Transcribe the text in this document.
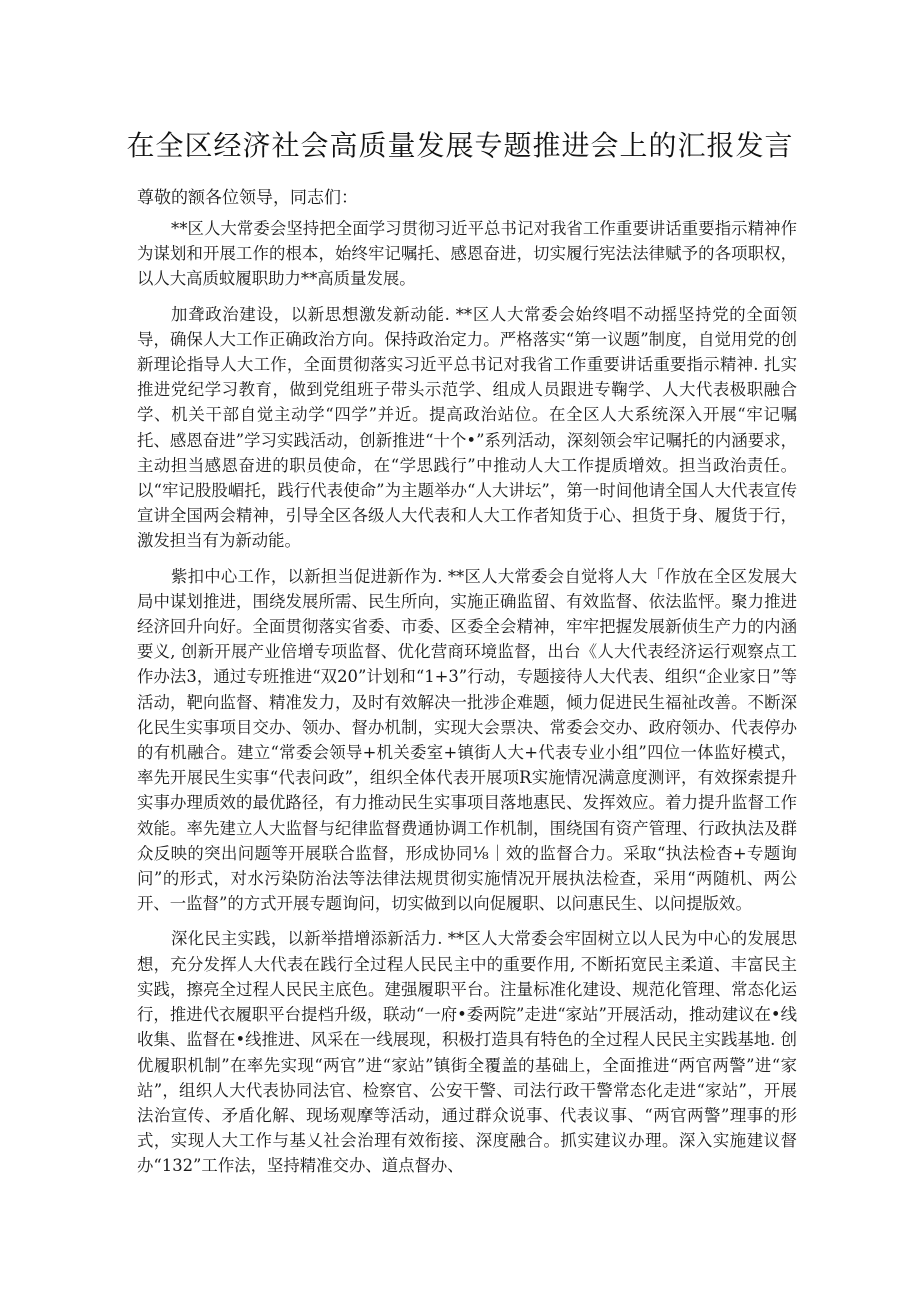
在全区经济社会高质量发展专题推进会上的汇报发言

尊敬的额各位领导，同志们：

**区人大常委会坚持把全面学习贯彻习近平总书记对我省工作重要讲话重要指示精神作为谋划和开展工作的根本，始终牢记嘱托、感恩奋进，切实履行宪法法律赋予的各项职权，以人大高质蚊履职助力**高质量发展。

加聋政治建设，以新思想激发新动能. **区人大常委会始终唱不动摇坚持党的全面领导，确保人大工作正确政治方向。保持政治定力。严格落实“第一议题”制度，自觉用党的创新理论指导人大工作，全面贯彻落实习近平总书记对我省工作重要讲话重要指示精神. 扎实推进党纪学习教育，做到党组班子带头示范学、组成人员跟进专鞠学、人大代表极职融合学、机关干部自觉主动学“四学”并近。提高政治站位。在全区人大系统深入开展“牢记嘱托、感恩奋进”学习实践活动，创新推进“十个•”系列活动，深刻领会牢记嘱托的内涵要求，主动担当感恩奋进的职员使命，在“学思践行”中推动人大工作提质增效。担当政治责任。以“牢记股股嵋托，践行代表使命”为主题举办“人大讲坛”，第一时间他请全国人大代表宣传宣讲全国两会精神，引导全区各级人大代表和人大工作者知货于心、担货于身、履货于行，激发担当有为新动能。

紫扣中心工作，以新担当促进新作为. **区人大常委会自觉将人大「作放在全区发展大局中谋划推进，围绕发展所需、民生所向，实施正确监留、有效监督、依法监怦。聚力推进经济回升向好。全面贯彻落实省委、市委、区委全会精神，牢牢把握发展新侦生产力的内涵要义, 创新开展产业倍增专项监督、优化营商环境监督，出台《人大代表经济运行观察点工作办法3，通过专班推进“双20”计划和“1+3”行动，专题接待人大代表、组织“企业家日”等活动，靶向监督、精准发力，及时有效解决一批涉企难题，倾力促进民生福祉改善。不断深化民生实事项目交办、领办、督办机制，实现大会票决、常委会交办、政府领办、代表停办的有机融合。建立“常委会领导+机关委室+镇街人大+代表专业小组”四位一体监好模式，率先开展民生实事“代表问政”，组织全体代表开展项R实施情况满意度测评，有效探索提升实事办理质效的最优路径，有力推动民生实事项目落地惠民、发挥效应。着力提升监督工作效能。率先建立人大监督与纪律监督费通协调工作机制，围绕国有资产管理、行政执法及群众反映的突出问题等开展联合监督，形成协同⅛｜效的监督合力。采取“执法检杳+专题询问”的形式，对水污染防治法等法律法规贯彻实施情况开展执法检查，采用“两随机、两公开、一监督”的方式开展专题询问，切实做到以向促履职、以问惠民生、以问提版效。

深化民主实践，以新举措增添新活力. **区人大常委会牢固树立以人民为中心的发展思想，充分发挥人大代表在践行全过程人民民主中的重要作用, 不断拓宽民主柔道、丰富民主实践，擦亮全过程人民民主底色。建强履职平台。注量标准化建设、规范化管理、常态化运行，推进代衣履职平台提档升级，联动“一府•委两院”走进“家站”开展活动，推动建议在•线收集、监督在•线推进、风采在一线展现，积极打造具有特色的全过程人民民主实践基地. 创优履职机制”在率先实现“两官”进“家站”镇街全覆盖的基础上，全面推进“两官两警”进“家站”，组织人大代表协同法官、检察官、公安干警、司法行政干警常态化走进“家站”，开展法治宣传、矛盾化解、现场观摩等活动，通过群众说事、代表议事、“两官两警”理事的形式，实现人大工作与基乂社会治理有效衔接、深度融合。抓实建议办理。深入实施建议督办“132”工作法，坚持精准交办、道点督办、
